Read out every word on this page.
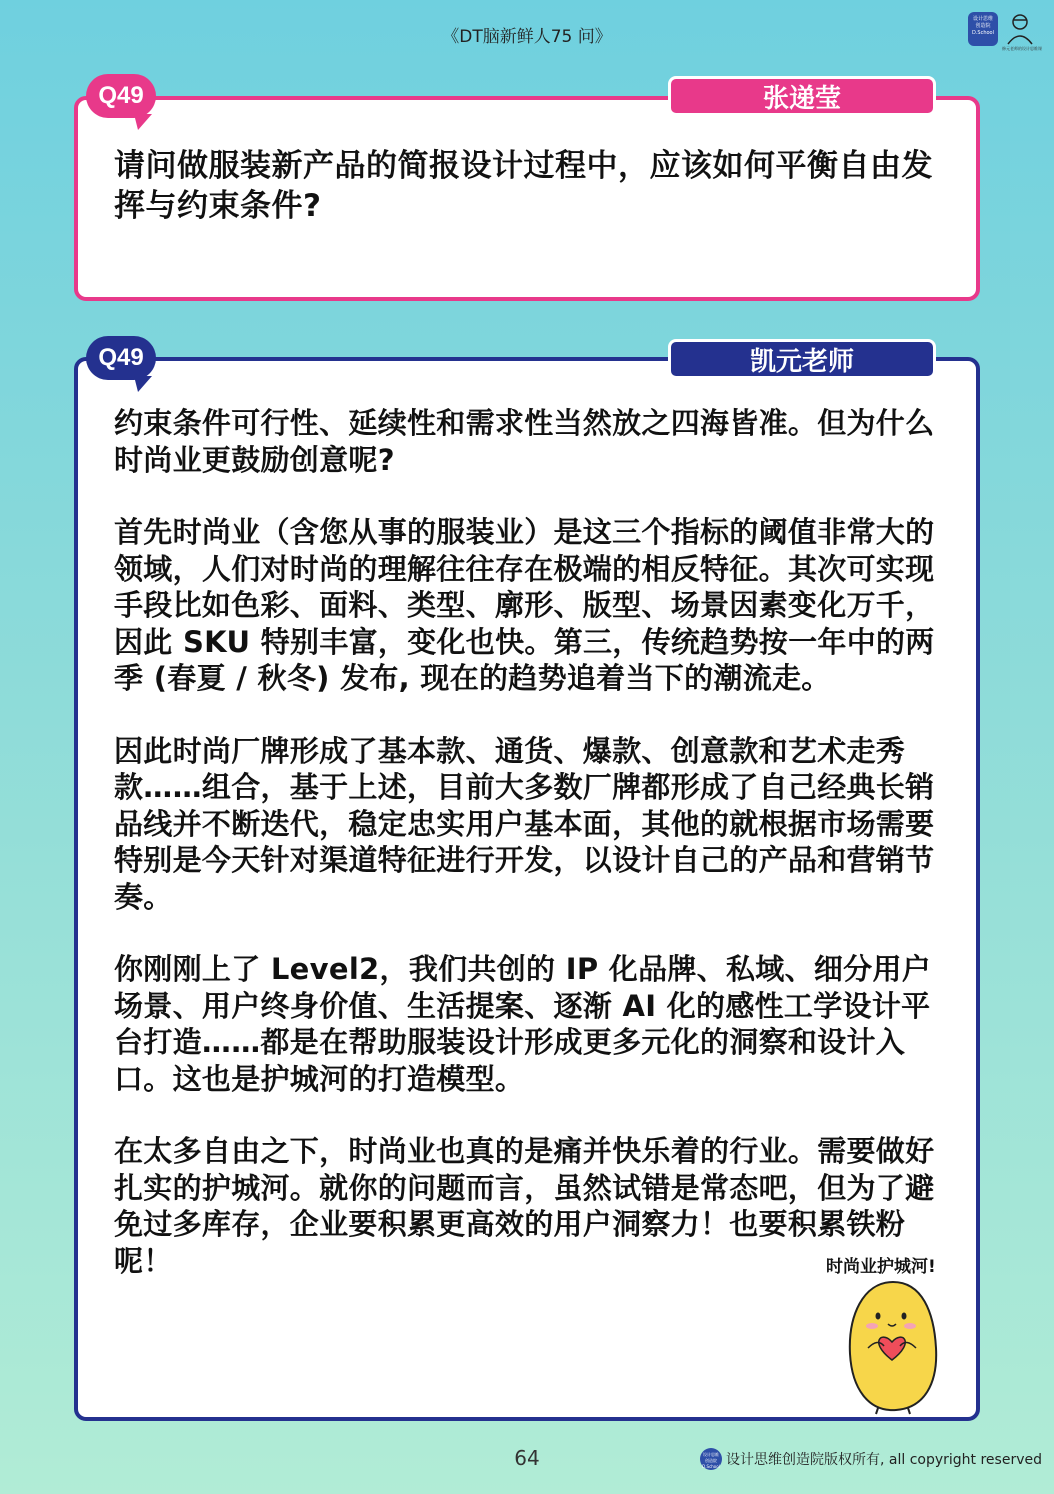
《DT脑新鲜人75 问》
设计思维
创造院
D.School
修元老师的设计思维课
Q49	张递莹
请问做服装新产品的简报设计过程中，应该如何平衡自由发挥与约束条件?
Q49	凯元老师

约束条件可行性、延续性和需求性当然放之四海皆准。但为什么时尚业更鼓励创意呢?

首先时尚业（含您从事的服装业）是这三个指标的阈值非常大的领域，人们对时尚的理解往往存在极端的相反特征。其次可实现手段比如色彩、面料、类型、廓形、版型、场景因素变化万千，因此 SKU 特别丰富，变化也快。第三，传统趋势按一年中的两季 (春夏 / 秋冬) 发布, 现在的趋势追着当下的潮流走。

因此时尚厂牌形成了基本款、通货、爆款、创意款和艺术走秀款……组合，基于上述，目前大多数厂牌都形成了自己经典长销品线并不断迭代，稳定忠实用户基本面，其他的就根据市场需要特别是今天针对渠道特征进行开发，以设计自己的产品和营销节奏。

你刚刚上了 Level2，我们共创的 IP 化品牌、私域、细分用户场景、用户终身价值、生活提案、逐渐 AI 化的感性工学设计平台打造……都是在帮助服装设计形成更多元化的洞察和设计入口。这也是护城河的打造模型。

在太多自由之下，时尚业也真的是痛并快乐着的行业。需要做好扎实的护城河。就你的问题而言，虽然试错是常态吧，但为了避免过多库存，企业要积累更高效的用户洞察力！也要积累铁粉呢！	时尚业护城河!
64	设计思维
创造院
D.School 设计思维创造院版权所有, all copyright reserved
